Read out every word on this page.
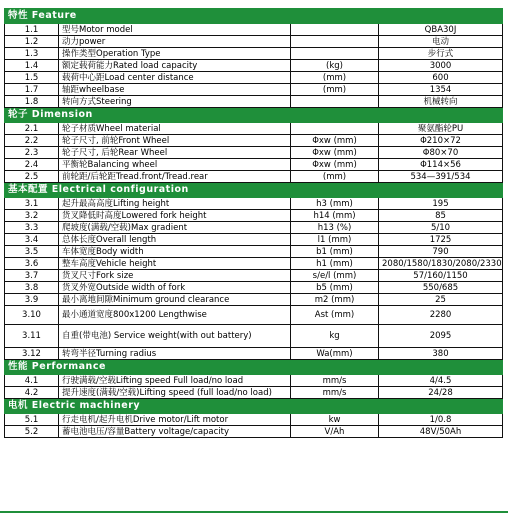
特性 Feature			
1.1	型号Motor model		QBA30J
1.2	动力power		电动
1.3	操作类型Operation Type		步行式
1.4	额定载荷能力Rated load capacity	(kg)	3000
1.5	载荷中心距Load center distance	(mm)	600
1.7	轴距wheelbase	(mm)	1354
1.8	转向方式Steering		机械转向
轮子 Dimension			
2.1	轮子材质Wheel material		聚氨酯轮PU
2.2	轮子尺寸, 前轮Front Wheel	Φxw (mm)	Φ210×72
2.3	轮子尺寸, 后轮Rear Wheel	Φxw (mm)	Φ80×70
2.4	平衡轮Balancing wheel	Φxw (mm)	Φ114×56
2.5	前轮距/后轮距Tread.front/Tread.rear	(mm)	534—391/534
基本配置 Electrical configuration			
3.1	起升最高高度Lifting height	h3 (mm)	195
3.2	货叉降低时高度Lowered fork height	h14 (mm)	85
3.3	爬坡度(满载/空载)Max gradient	h13 (%)	5/10
3.4	总体长度Overall length	l1 (mm)	1725
3.5	车体宽度Body width	b1 (mm)	790
3.6	整车高度Vehicle height	h1 (mm)	2080/1580/1830/2080/2330
3.7	货叉尺寸Fork size	s/e/l (mm)	57/160/1150
3.8	货叉外宽Outside width of fork	b5 (mm)	550/685
3.9	最小离地间隙Minimum ground clearance	m2 (mm)	25
3.10	最小通道宽度800x1200 Lengthwise	Ast (mm)	2280
3.11	自重(带电池) Service weight(with out battery)	kg	2095
3.12	转弯半径Turning radius	Wa(mm)	380
性能 Performance			
4.1	行驶满载/空载Lifting speed Full load/no load	mm/s	4/4.5
4.2	提升速度(满载/空载)Lifting speed (full load/no load)	mm/s	24/28
电机 Electric machinery			
5.1	行走电机/起升电机Drive motor/Lift motor	kw	1/0.8
5.2	蓄电池电压/容量Battery voltage/capacity	V/Ah	48V/50Ah
